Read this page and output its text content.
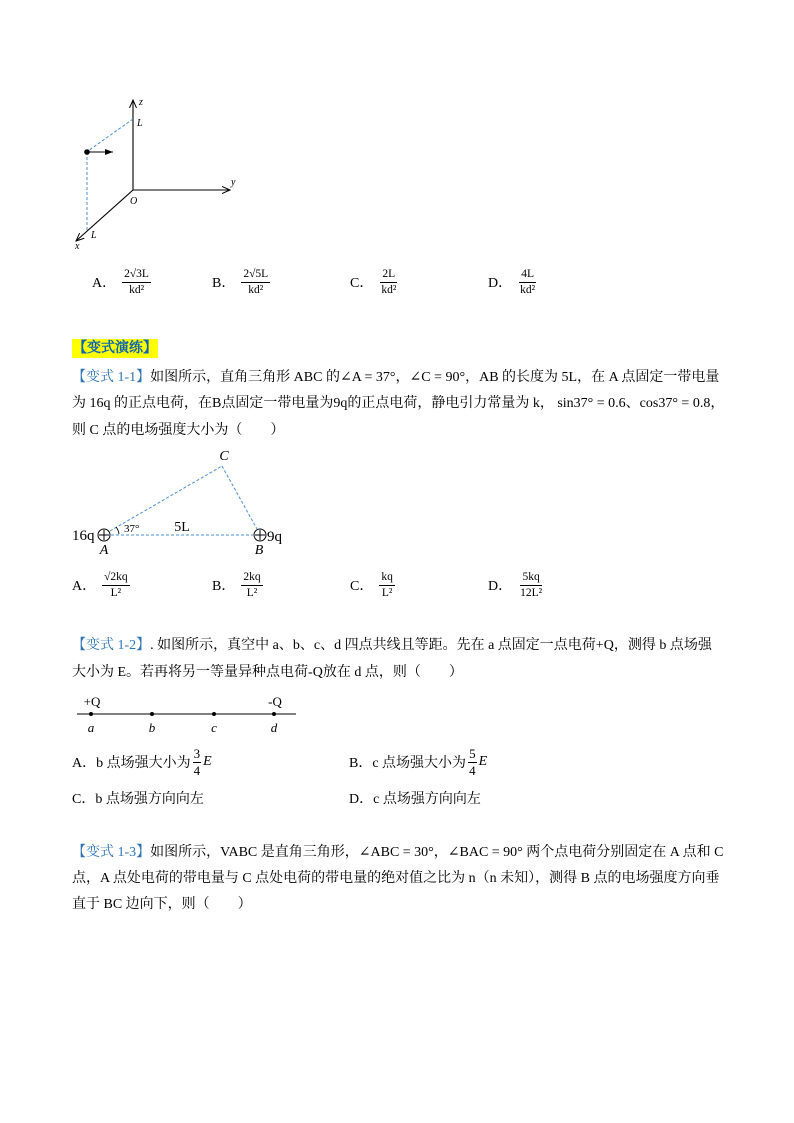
z
y
x
O
L
L
A． $\frac{2√3L}{\text{kd²}}$	B． $\frac{2√5L}{\text{kd²}}$	C． $\frac{2L}{\text{kd²}}$	D． $\frac{4L}{\text{kd²}}$
【变式演练】
【变式 1-1】如图所示，直角三角形 ABC 的∠A = 37°，∠C = 90°，AB 的长度为 5L，在 A 点固定一带电量
为 16q 的正点电荷，在B点固定一带电量为9q的正点电荷，静电引力常量为 k， sin37° = 0.6、cos37° = 0.8，
则 C 点的电场强度大小为（　　）
16q
A
9q
B
C
5L
37°
A． $\frac{√2kq}{\text{L²}}$	B． $\frac{2kq}{\text{L²}}$	C． $\frac{kq}{\text{L²}}$	D． $\frac{5kq}{\text{12L²}}$
【变式 1-2】. 如图所示，真空中 a、b、c、d 四点共线且等距。先在 a 点固定一点电荷+Q，测得 b 点场强
大小为 E。若再将另一等量异种点电荷-Q放在 d 点，则（　　）
+Q	-Q
a	b	c	d
A．b 点场强大小为 $\frac{3}{4}$ E	B．c 点场强大小为 $\frac{5}{4}$ E
C．b 点场强方向向左	D．c 点场强方向向左
【变式 1-3】如图所示，VABC 是直角三角形，∠ABC = 30°，∠BAC = 90° 两个点电荷分别固定在 A 点和 C
点，A 点处电荷的带电量与 C 点处电荷的带电量的绝对值之比为 n（n 未知），测得 B 点的电场强度方向垂
直于 BC 边向下，则（　　）
